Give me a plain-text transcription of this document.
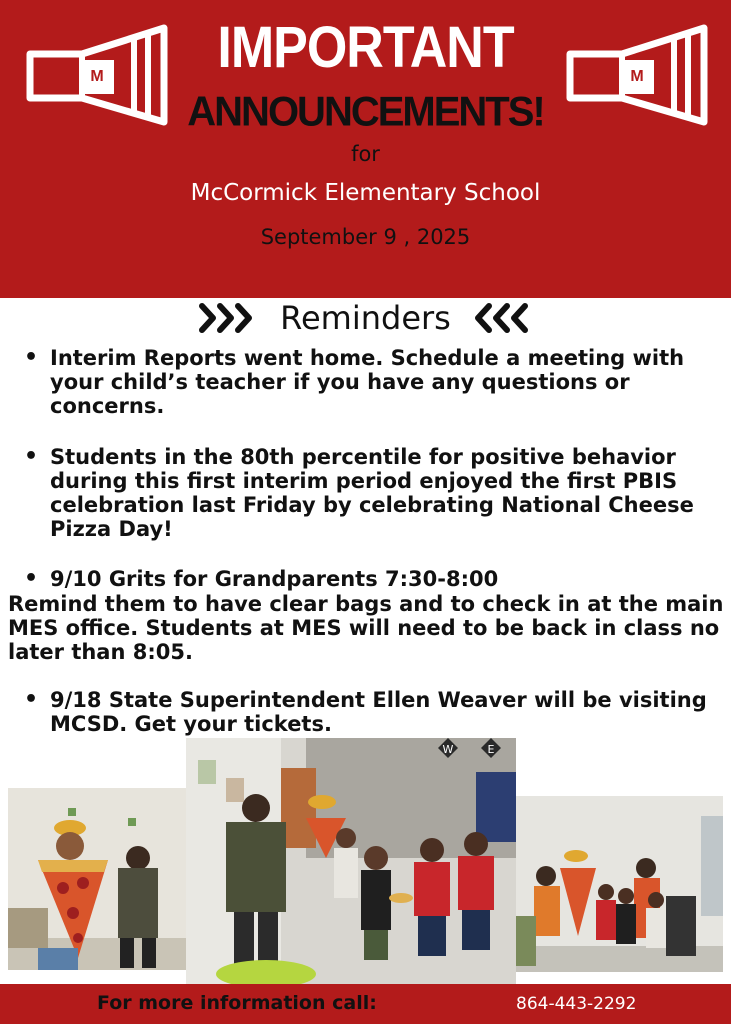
M	M
IMPORTANT
ANNOUNCEMENTS!
for
McCormick Elementary School
September 9 , 2025
Reminders
• Interim Reports went home. Schedule a meeting with your child’s teacher if you have any questions or concerns.
• Students in the 80th percentile for positive behavior during this first interim period enjoyed the first PBIS celebration last Friday by celebrating National Cheese Pizza Day!
• 9/10 Grits for Grandparents 7:30-8:00
Remind them to have clear bags and to check in at the main MES office. Students at MES will need to be back in class no later than 8:05.
• 9/18 State Superintendent Ellen Weaver will be visiting MCSD. Get your tickets.
W	E
For more information call:	864-443-2292
